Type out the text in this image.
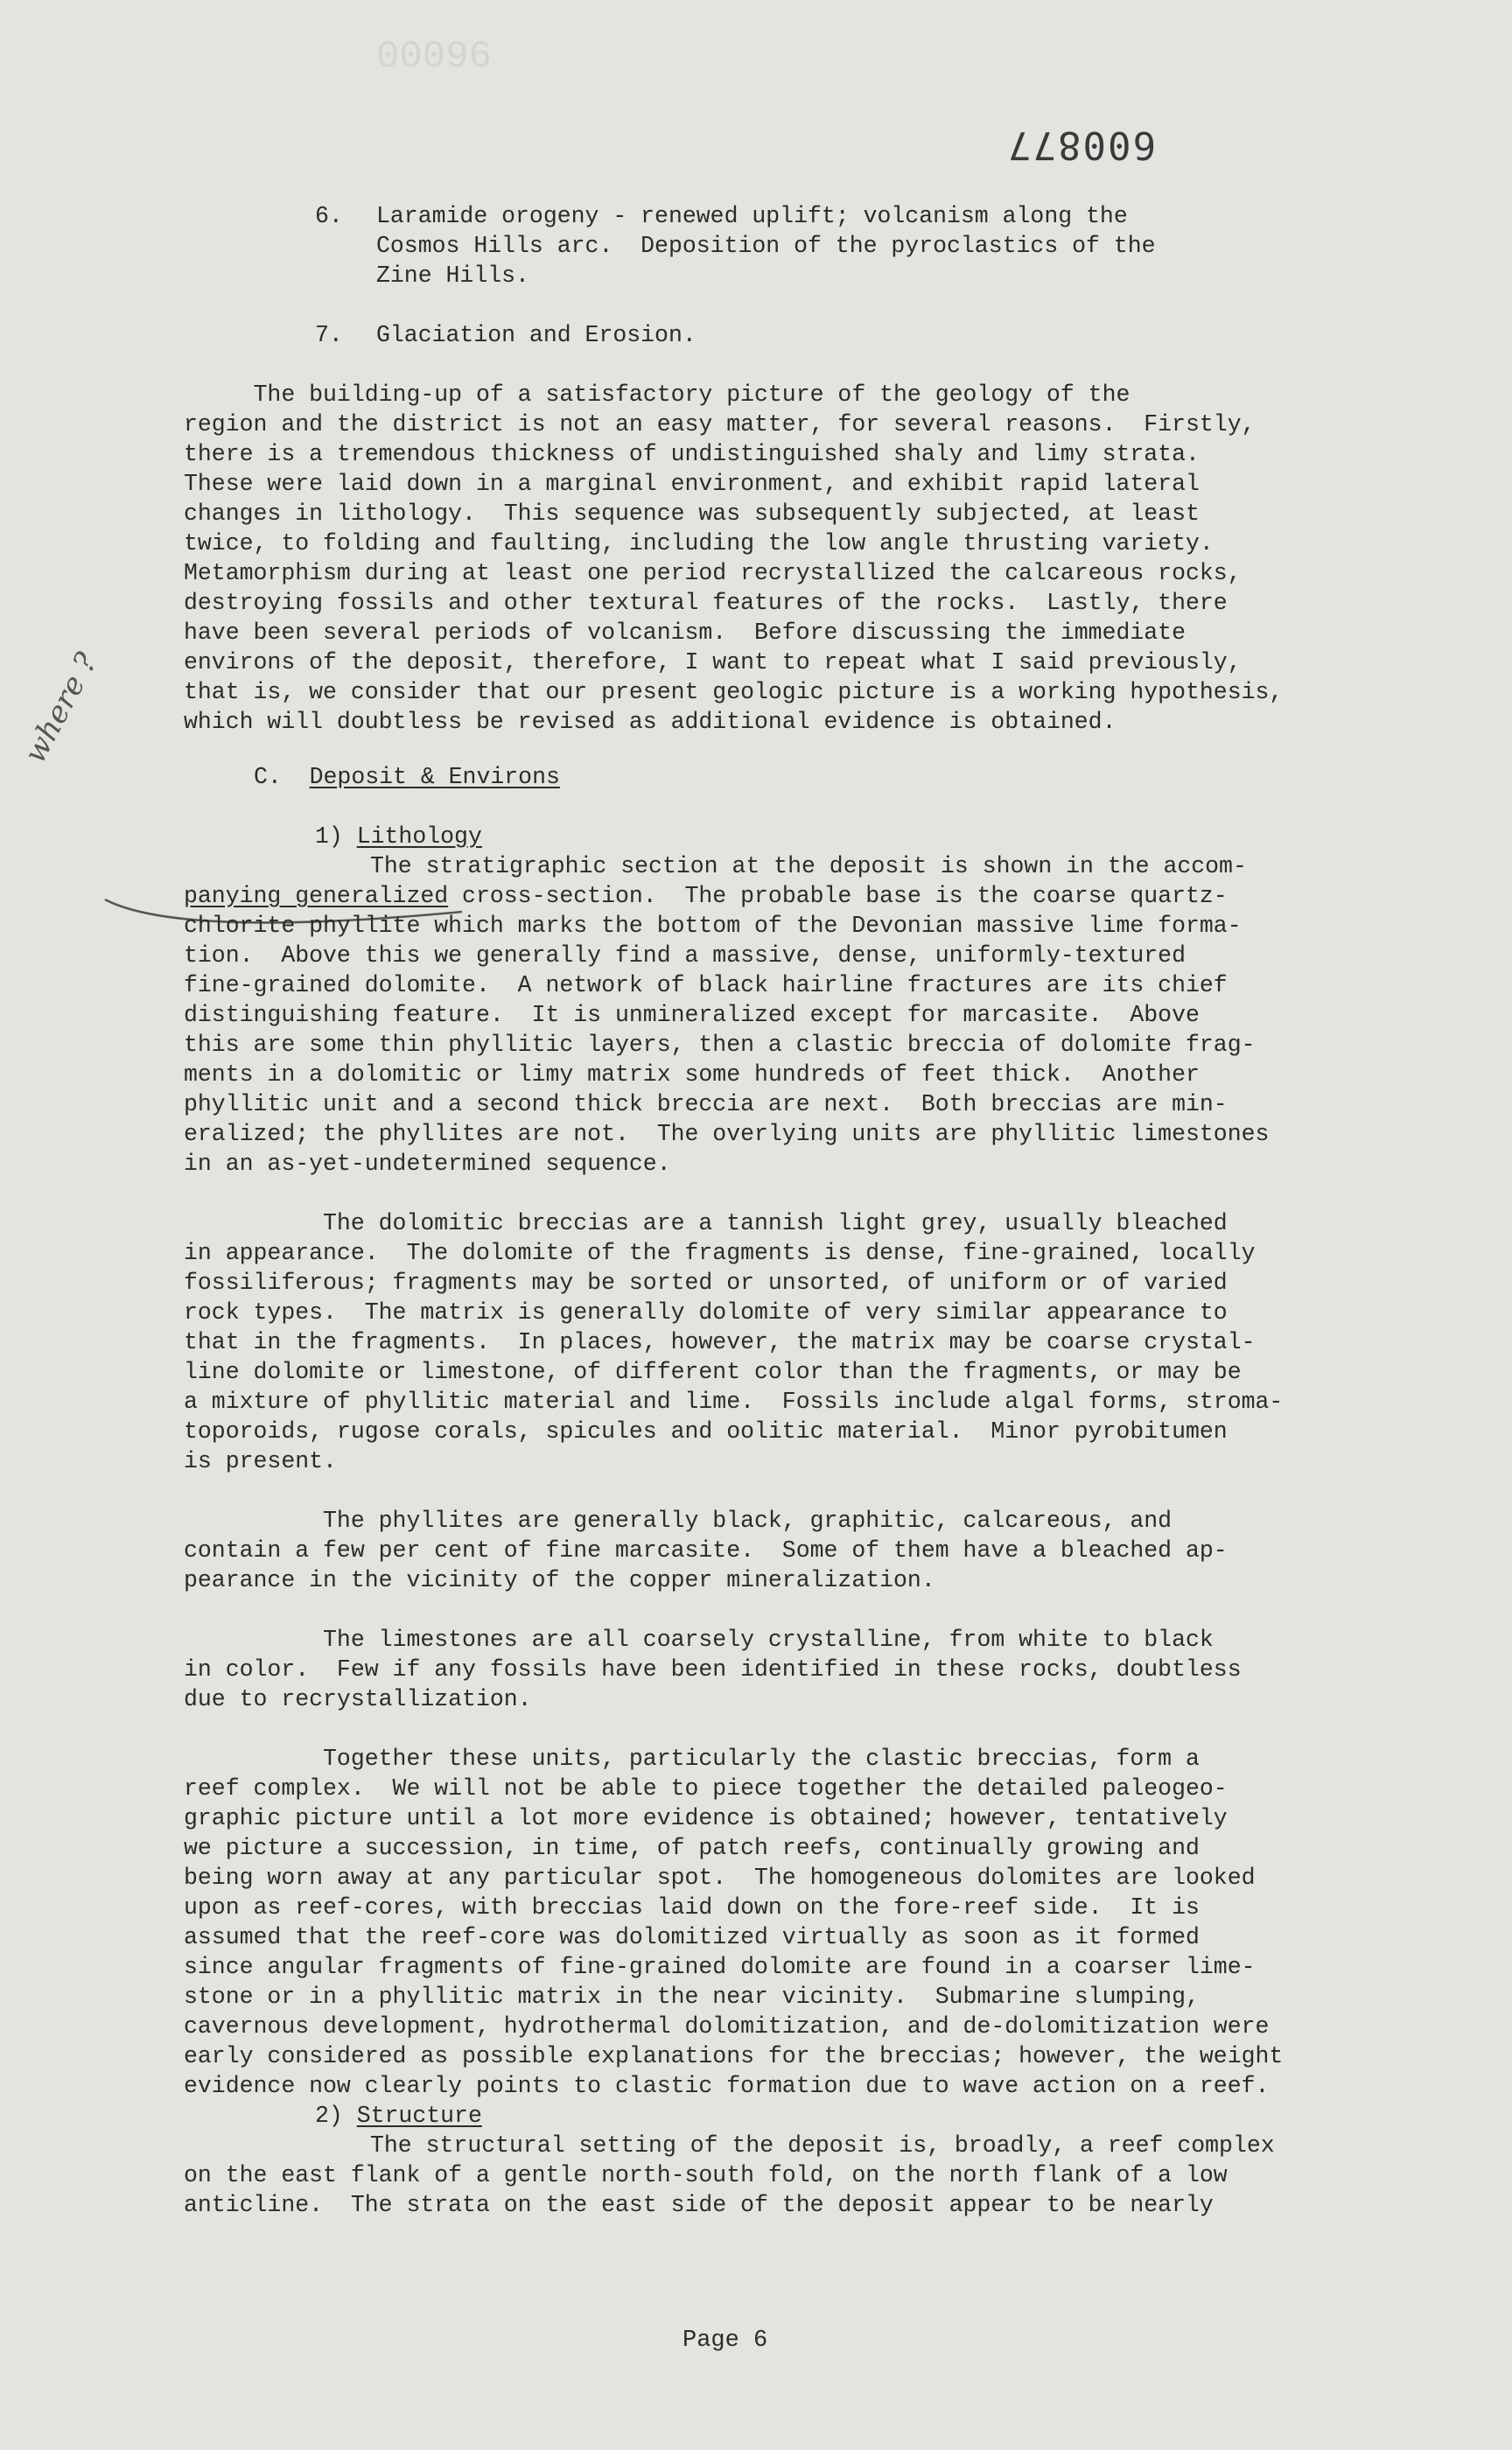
00096
600877
where ?
6. Laramide orogeny - renewed uplift; volcanism along the
Cosmos Hills arc.  Deposition of the pyroclastics of the
Zine Hills.
7. Glaciation and Erosion.
The building-up of a satisfactory picture of the geology of the
region and the district is not an easy matter, for several reasons.  Firstly,
there is a tremendous thickness of undistinguished shaly and limy strata.
These were laid down in a marginal environment, and exhibit rapid lateral
changes in lithology.  This sequence was subsequently subjected, at least
twice, to folding and faulting, including the low angle thrusting variety.
Metamorphism during at least one period recrystallized the calcareous rocks,
destroying fossils and other textural features of the rocks.  Lastly, there
have been several periods of volcanism.  Before discussing the immediate
environs of the deposit, therefore, I want to repeat what I said previously,
that is, we consider that our present geologic picture is a working hypothesis,
which will doubtless be revised as additional evidence is obtained.
C. Deposit & Environs
1) Lithology
The stratigraphic section at the deposit is shown in the accom-
panying generalized cross-section.  The probable base is the coarse quartz-
chlorite phyllite which marks the bottom of the Devonian massive lime forma-
tion.  Above this we generally find a massive, dense, uniformly-textured
fine-grained dolomite.  A network of black hairline fractures are its chief
distinguishing feature.  It is unmineralized except for marcasite.  Above
this are some thin phyllitic layers, then a clastic breccia of dolomite frag-
ments in a dolomitic or limy matrix some hundreds of feet thick.  Another
phyllitic unit and a second thick breccia are next.  Both breccias are min-
eralized; the phyllites are not.  The overlying units are phyllitic limestones
in an as-yet-undetermined sequence.
The dolomitic breccias are a tannish light grey, usually bleached
in appearance.  The dolomite of the fragments is dense, fine-grained, locally
fossiliferous; fragments may be sorted or unsorted, of uniform or of varied
rock types.  The matrix is generally dolomite of very similar appearance to
that in the fragments.  In places, however, the matrix may be coarse crystal-
line dolomite or limestone, of different color than the fragments, or may be
a mixture of phyllitic material and lime.  Fossils include algal forms, stroma-
toporoids, rugose corals, spicules and oolitic material.  Minor pyrobitumen
is present.
The phyllites are generally black, graphitic, calcareous, and
contain a few per cent of fine marcasite.  Some of them have a bleached ap-
pearance in the vicinity of the copper mineralization.
The limestones are all coarsely crystalline, from white to black
in color.  Few if any fossils have been identified in these rocks, doubtless
due to recrystallization.
Together these units, particularly the clastic breccias, form a
reef complex.  We will not be able to piece together the detailed paleogeo-
graphic picture until a lot more evidence is obtained; however, tentatively
we picture a succession, in time, of patch reefs, continually growing and
being worn away at any particular spot.  The homogeneous dolomites are looked
upon as reef-cores, with breccias laid down on the fore-reef side.  It is
assumed that the reef-core was dolomitized virtually as soon as it formed
since angular fragments of fine-grained dolomite are found in a coarser lime-
stone or in a phyllitic matrix in the near vicinity.  Submarine slumping,
cavernous development, hydrothermal dolomitization, and de-dolomitization were
early considered as possible explanations for the breccias; however, the weight
evidence now clearly points to clastic formation due to wave action on a reef.
2) Structure
The structural setting of the deposit is, broadly, a reef complex
on the east flank of a gentle north-south fold, on the north flank of a low
anticline.  The strata on the east side of the deposit appear to be nearly
Page 6
